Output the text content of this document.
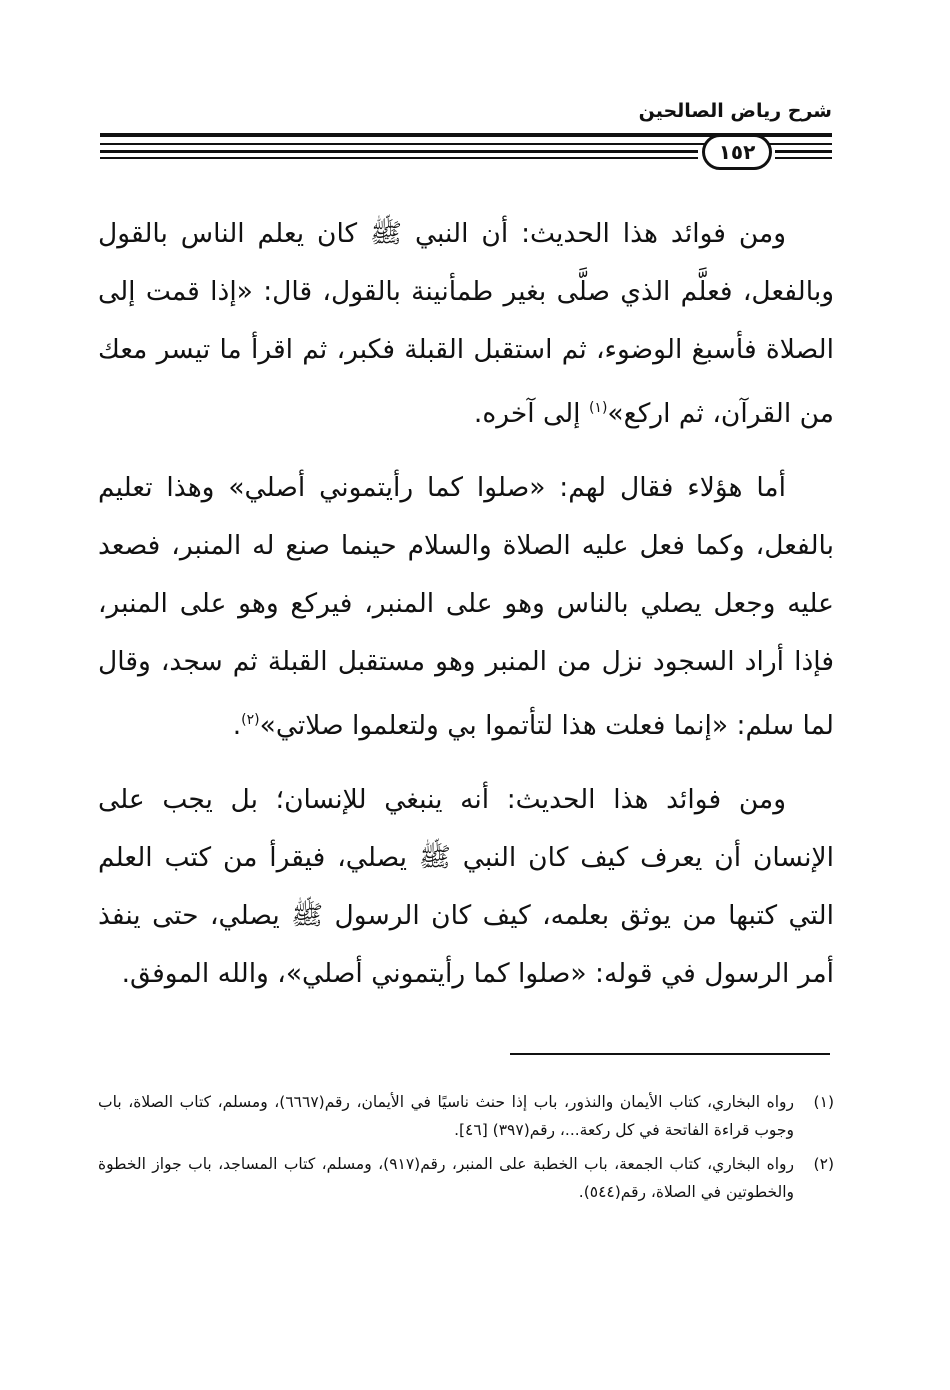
شرح رياض الصالحين
١٥٢

ومن فوائد هذا الحديث: أن النبي ﷺ كان يعلم الناس بالقول وبالفعل، فعلَّم الذي صلَّى بغير طمأنينة بالقول، قال: «إذا قمت إلى الصلاة فأسبغ الوضوء، ثم استقبل القبلة فكبر، ثم اقرأ ما تيسر معك من القرآن، ثم اركع»$^{(١)}$ إلى آخره.

أما هؤلاء فقال لهم: «صلوا كما رأيتموني أصلي» وهذا تعليم بالفعل، وكما فعل عليه الصلاة والسلام حينما صنع له المنبر، فصعد عليه وجعل يصلي بالناس وهو على المنبر، فيركع وهو على المنبر، فإذا أراد السجود نزل من المنبر وهو مستقبل القبلة ثم سجد، وقال لما سلم: «إنما فعلت هذا لتأتموا بي ولتعلموا صلاتي»$^{(٢)}$.

ومن فوائد هذا الحديث: أنه ينبغي للإنسان؛ بل يجب على الإنسان أن يعرف كيف كان النبي ﷺ يصلي، فيقرأ من كتب العلم التي كتبها من يوثق بعلمه، كيف كان الرسول ﷺ يصلي، حتى ينفذ أمر الرسول في قوله: «صلوا كما رأيتموني أصلي»، والله الموفق.

(١)
رواه البخاري، كتاب الأيمان والنذور، باب إذا حنث ناسيًا في الأيمان، رقم(٦٦٦٧)، ومسلم، كتاب الصلاة، باب وجوب قراءة الفاتحة في كل ركعة...، رقم(٣٩٧) [٤٦].
(٢)
رواه البخاري، كتاب الجمعة، باب الخطبة على المنبر، رقم(٩١٧)، ومسلم، كتاب المساجد، باب جواز الخطوة والخطوتين في الصلاة، رقم(٥٤٤).
